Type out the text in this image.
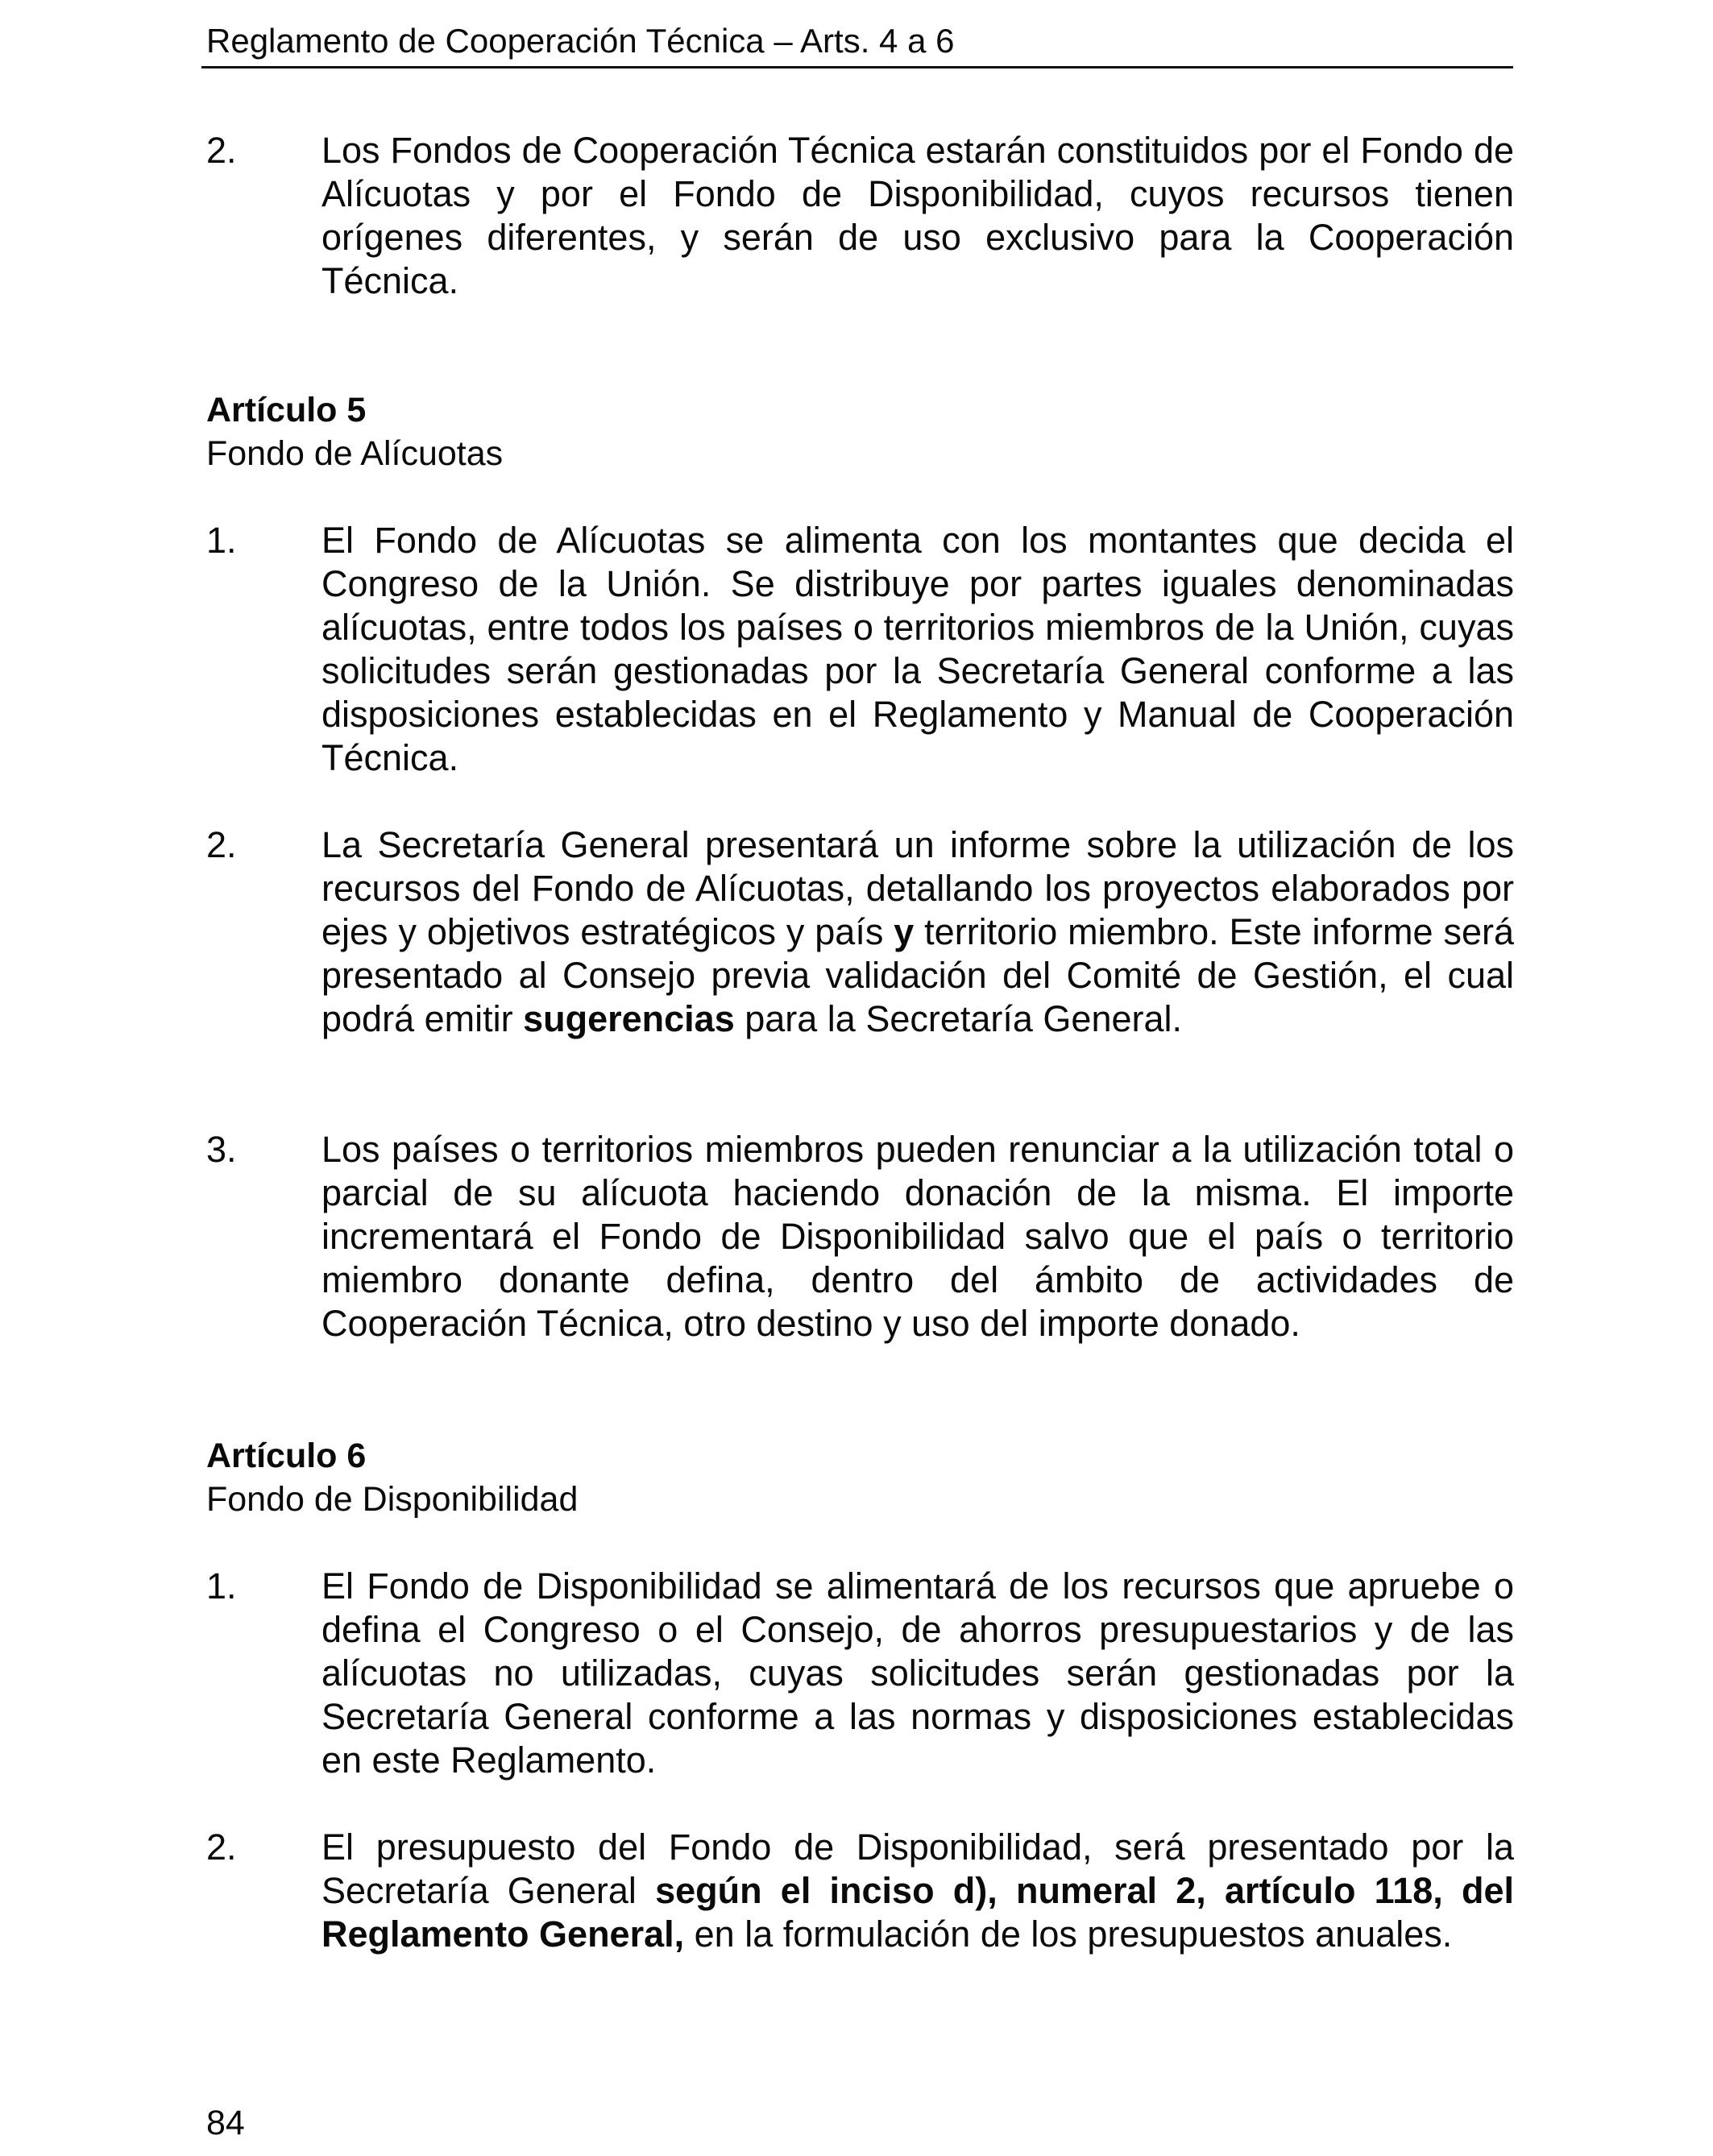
Reglamento de Cooperación Técnica – Arts. 4 a 6
2.	Los Fondos de Cooperación Técnica estarán constituidos por el Fondo de Alícuotas y por el Fondo de Disponibilidad, cuyos recursos tienen orígenes diferentes, y serán de uso exclusivo para la Cooperación Técnica.
Artículo 5
Fondo de Alícuotas
1.	El Fondo de Alícuotas se alimenta con los montantes que decida el Congreso de la Unión. Se distribuye por partes iguales denominadas alícuotas, entre todos los países o territorios miembros de la Unión, cuyas solicitudes serán gestionadas por la Secretaría General conforme a las disposiciones establecidas en el Reglamento y Manual de Cooperación Técnica.
2.	La Secretaría General presentará un informe sobre la utilización de los recursos del Fondo de Alícuotas, detallando los proyectos elaborados por ejes y objetivos estratégicos y país y territorio miembro. Este informe será presentado al Consejo previa validación del Comité de Gestión, el cual podrá emitir sugerencias para la Secretaría General.
3.	Los países o territorios miembros pueden renunciar a la utilización total o parcial de su alícuota haciendo donación de la misma. El importe incrementará el Fondo de Disponibilidad salvo que el país o territorio miembro donante defina, dentro del ámbito de actividades de Cooperación Técnica, otro destino y uso del importe donado.
Artículo 6
Fondo de Disponibilidad
1.	El Fondo de Disponibilidad se alimentará de los recursos que apruebe o defina el Congreso o el Consejo, de ahorros presupuestarios y de las alícuotas no utilizadas, cuyas solicitudes serán gestionadas por la Secretaría General conforme a las normas y disposiciones establecidas en este Reglamento.
2.	El presupuesto del Fondo de Disponibilidad, será presentado por la Secretaría General según el inciso d), numeral 2, artículo 118, del Reglamento General, en la formulación de los presupuestos anuales.
84
